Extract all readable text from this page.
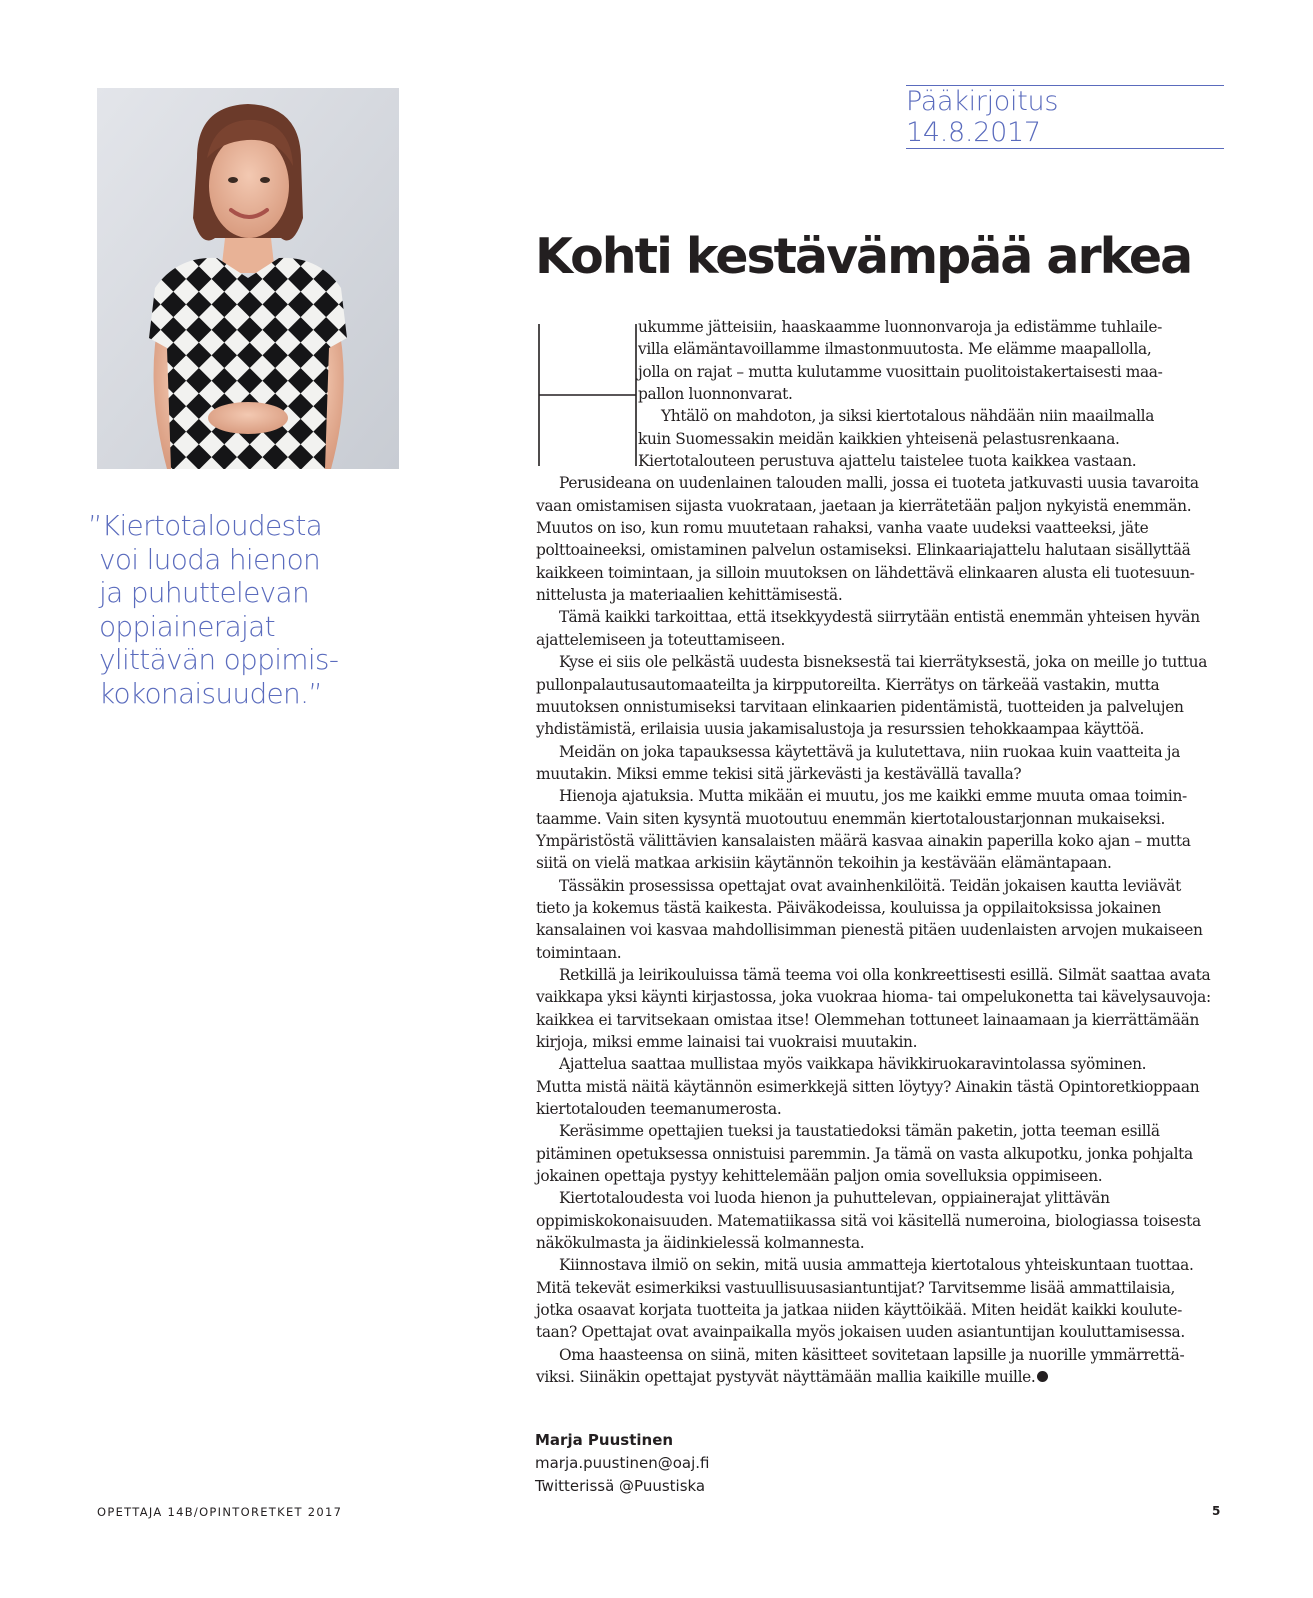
Pääkirjoitus 14.8.2017
”Kiertotaloudesta
voi luoda hienon
ja puhuttelevan
oppiainerajat
ylittävän oppimis-
kokonaisuuden.”
Kohti kestävämpää arkea
ukumme jätteisiin, haaskaamme luonnonvaroja ja edistämme tuhlaile-
villa elämäntavoillamme ilmastonmuutosta. Me elämme maapallolla,
jolla on rajat – mutta kulutamme vuosittain puolitoistakertaisesti maa-
pallon luonnonvarat.
Yhtälö on mahdoton, ja siksi kiertotalous nähdään niin maailmalla
kuin Suomessakin meidän kaikkien yhteisenä pelastusrenkaana.
Kiertotalouteen perustuva ajattelu taistelee tuota kaikkea vastaan.
Perusideana on uudenlainen talouden malli, jossa ei tuoteta jatkuvasti uusia tavaroita
vaan omistamisen sijasta vuokrataan, jaetaan ja kierrätetään paljon nykyistä enemmän.
Muutos on iso, kun romu muutetaan rahaksi, vanha vaate uudeksi vaatteeksi, jäte
polttoaineeksi, omistaminen palvelun ostamiseksi. Elinkaariajattelu halutaan sisällyttää
kaikkeen toimintaan, ja silloin muutoksen on lähdettävä elinkaaren alusta eli tuotesuun-
nittelusta ja materiaalien kehittämisestä.
Tämä kaikki tarkoittaa, että itsekkyydestä siirrytään entistä enemmän yhteisen hyvän
ajattelemiseen ja toteuttamiseen.
Kyse ei siis ole pelkästä uudesta bisneksestä tai kierrätyksestä, joka on meille jo tuttua
pullonpalautusautomaateilta ja kirpputoreilta. Kierrätys on tärkeää vastakin, mutta
muutoksen onnistumiseksi tarvitaan elinkaarien pidentämistä, tuotteiden ja palvelujen
yhdistämistä, erilaisia uusia jakamisalustoja ja resurssien tehokkaampaa käyttöä.
Meidän on joka tapauksessa käytettävä ja kulutettava, niin ruokaa kuin vaatteita ja
muutakin. Miksi emme tekisi sitä järkevästi ja kestävällä tavalla?
Hienoja ajatuksia. Mutta mikään ei muutu, jos me kaikki emme muuta omaa toimin-
taamme. Vain siten kysyntä muotoutuu enemmän kiertotaloustarjonnan mukaiseksi.
Ympäristöstä välittävien kansalaisten määrä kasvaa ainakin paperilla koko ajan – mutta
siitä on vielä matkaa arkisiin käytännön tekoihin ja kestävään elämäntapaan.
Tässäkin prosessissa opettajat ovat avainhenkilöitä. Teidän jokaisen kautta leviävät
tieto ja kokemus tästä kaikesta. Päiväkodeissa, kouluissa ja oppilaitoksissa jokainen
kansalainen voi kasvaa mahdollisimman pienestä pitäen uudenlaisten arvojen mukaiseen
toimintaan.
Retkillä ja leirikouluissa tämä teema voi olla konkreettisesti esillä. Silmät saattaa avata
vaikkapa yksi käynti kirjastossa, joka vuokraa hioma- tai ompelukonetta tai kävelysauvoja:
kaikkea ei tarvitsekaan omistaa itse! Olemmehan tottuneet lainaamaan ja kierrättämään
kirjoja, miksi emme lainaisi tai vuokraisi muutakin.
Ajattelua saattaa mullistaa myös vaikkapa hävikkiruokaravintolassa syöminen.
Mutta mistä näitä käytännön esimerkkejä sitten löytyy? Ainakin tästä Opintoretkioppaan
kiertotalouden teemanumerosta.
Keräsimme opettajien tueksi ja taustatiedoksi tämän paketin, jotta teeman esillä
pitäminen opetuksessa onnistuisi paremmin. Ja tämä on vasta alkupotku, jonka pohjalta
jokainen opettaja pystyy kehittelemään paljon omia sovelluksia oppimiseen.
Kiertotaloudesta voi luoda hienon ja puhuttelevan, oppiainerajat ylittävän
oppimiskokonaisuuden. Matematiikassa sitä voi käsitellä numeroina, biologiassa toisesta
näkökulmasta ja äidinkielessä kolmannesta.
Kiinnostava ilmiö on sekin, mitä uusia ammatteja kiertotalous yhteiskuntaan tuottaa.
Mitä tekevät esimerkiksi vastuullisuusasiantuntijat? Tarvitsemme lisää ammattilaisia,
jotka osaavat korjata tuotteita ja jatkaa niiden käyttöikää. Miten heidät kaikki koulute-
taan? Opettajat ovat avainpaikalla myös jokaisen uuden asiantuntijan kouluttamisessa.
Oma haasteensa on siinä, miten käsitteet sovitetaan lapsille ja nuorille ymmärrettä-
viksi. Siinäkin opettajat pystyvät näyttämään mallia kaikille muille.
Marja Puustinen
marja.puustinen@oaj.fi
Twitterissä @Puustiska
OPETTAJA 14B/OPINTORETKET 2017	5
